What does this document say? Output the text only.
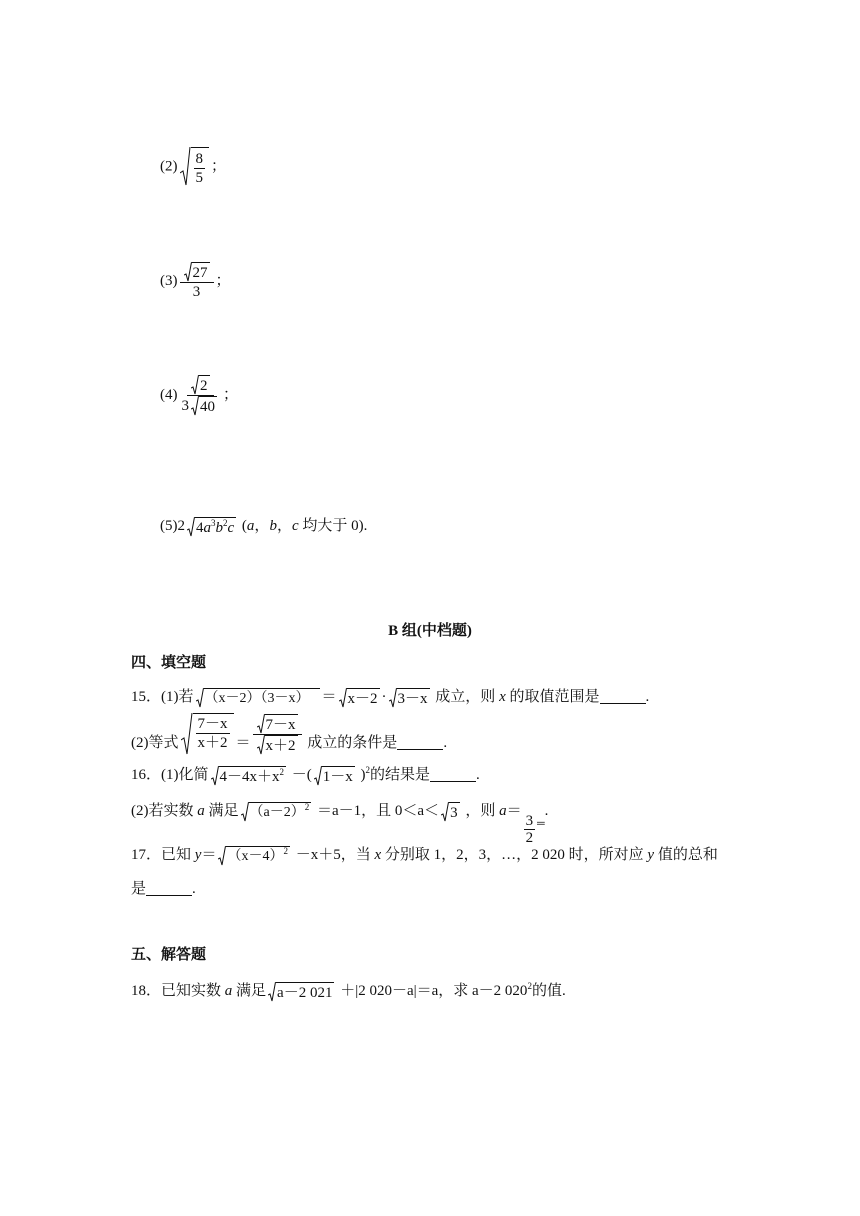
$(2) \frac{8}{5}$ ；
$(3) \frac{27}{3}$ ；
$(4) \frac{2}{3 40}$ ；
(5)2 $4a^3b^2c$ (a，b，c 均大于 0).
B 组(中档题)
四、填空题
15．(1)若 （x－2）（3－x） ＝ x－2 · 3－x 成立，则 x 的取值范围是	.
(2)等式 $\frac{7-x}{x+2} = \frac{7-x}{x+2}$ 成立的条件是	.
16．(1)化简 $4-4x+x^2$ －( 1－x )$^2$的结果是	.
(2)若实数 a 满足 $(a-2)^2 =a-1$，且 0＜a＜ 3 ，则 a＝
$\frac{3}{2}$ ‗.
17．已知 $y= (x-4)^2 -x+5$，当 x 分别取 1，2，3，…，2 020 时，所对应 y 值的总和
是	.
五、解答题
18．已知实数 a 满足 a－2 021 ＋|2 020－a|＝a，求 a－2 $020^2$的值.
